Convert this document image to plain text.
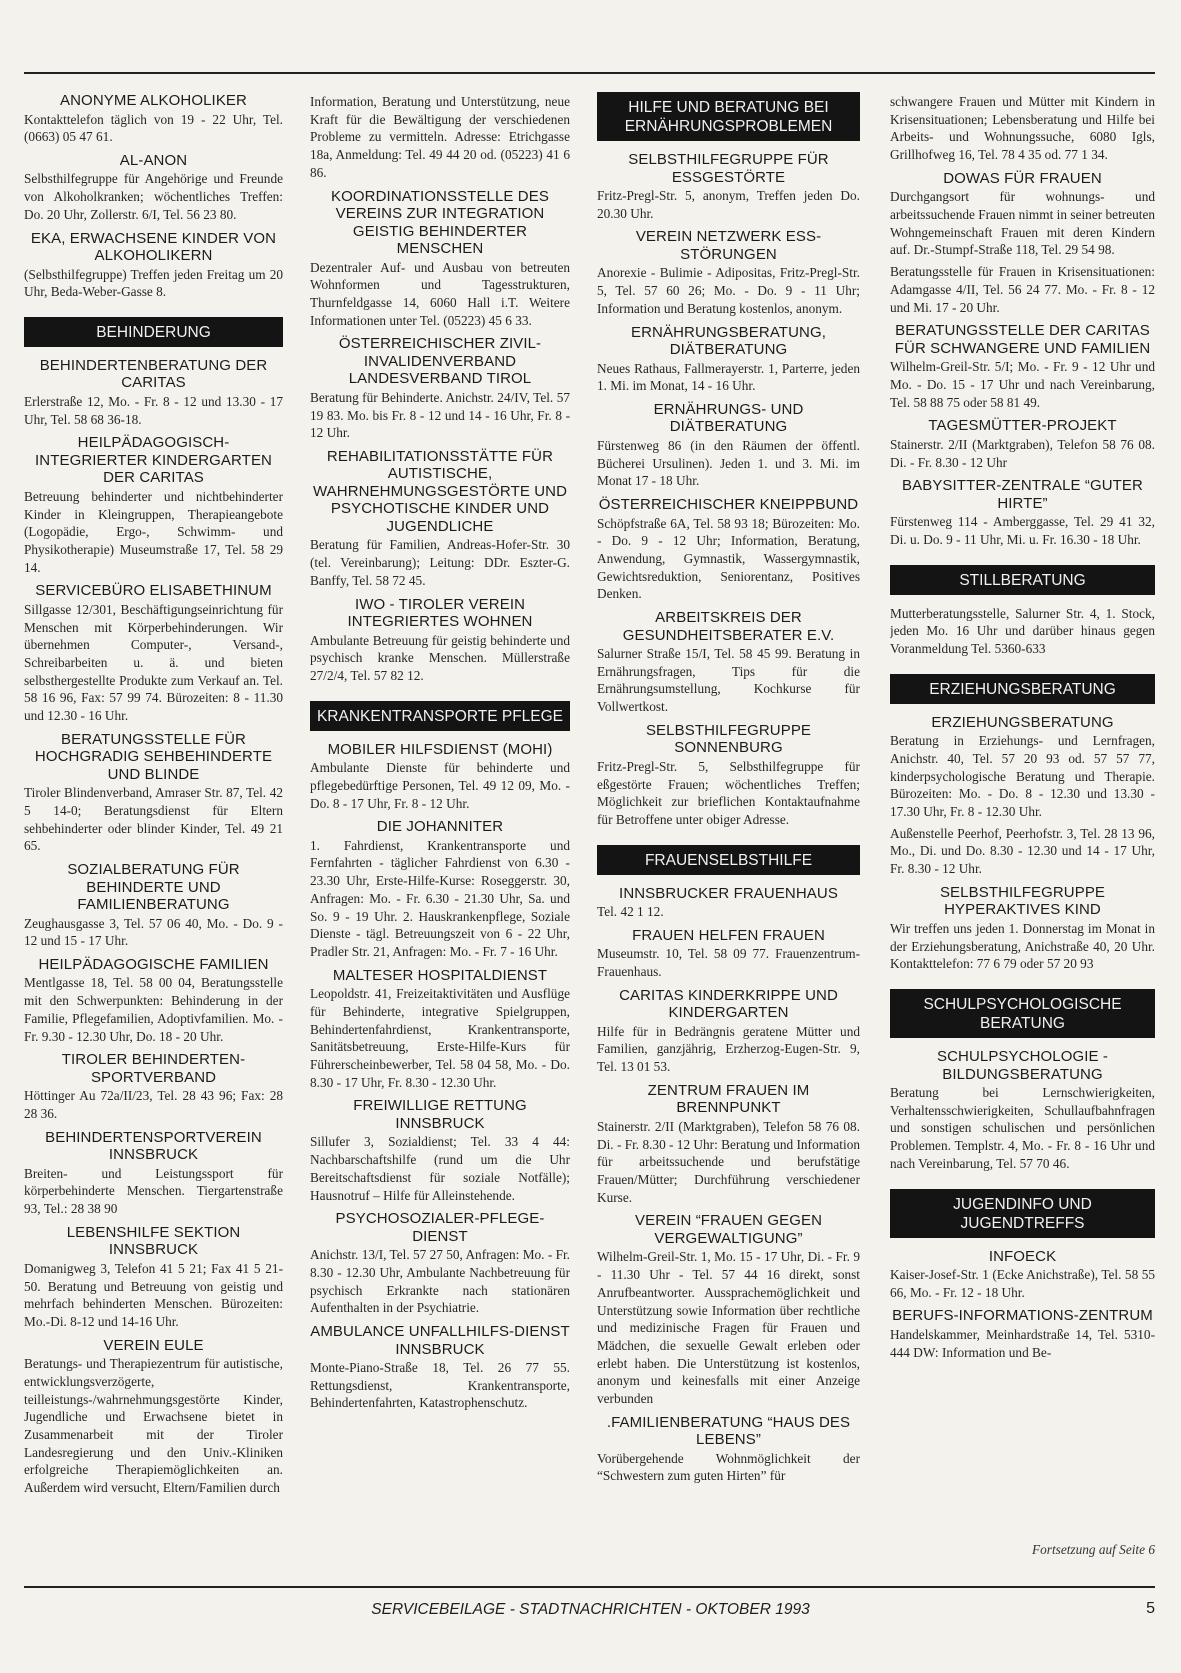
ANONYME ALKOHOLIKER
Kontakttelefon täglich von 19 - 22 Uhr, Tel. (0663) 05 47 61.
AL-ANON
Selbsthilfegruppe für Angehörige und Freunde von Alkoholkranken; wöchentliches Treffen: Do. 20 Uhr, Zollerstr. 6/I, Tel. 56 23 80.
EKA, ERWACHSENE KINDER VON ALKOHOLIKERN
(Selbsthilfegruppe) Treffen jeden Freitag um 20 Uhr, Beda-Weber-Gasse 8.
BEHINDERUNG
BEHINDERTENBERATUNG DER CARITAS
Erlerstraße 12, Mo. - Fr. 8 - 12 und 13.30 - 17 Uhr, Tel. 58 68 36-18.
HEILPÄDAGOGISCH-INTEGRIERTER KINDERGARTEN DER CARITAS
Betreuung behinderter und nichtbehinderter Kinder in Kleingruppen, Therapieangebote (Logopädie, Ergo-, Schwimm- und Physikotherapie) Museumstraße 17, Tel. 58 29 14.
SERVICEBÜRO ELISABETHINUM
Sillgasse 12/301, Beschäftigungseinrichtung für Menschen mit Körperbehinderungen. Wir übernehmen Computer-, Versand-, Schreibarbeiten u. ä. und bieten selbsthergestellte Produkte zum Verkauf an. Tel. 58 16 96, Fax: 57 99 74. Bürozeiten: 8 - 11.30 und 12.30 - 16 Uhr.
BERATUNGSSTELLE FÜR HOCHGRADIG SEHBEHINDERTE UND BLINDE
Tiroler Blindenverband, Amraser Str. 87, Tel. 42 5 14-0; Beratungsdienst für Eltern sehbehinderter oder blinder Kinder, Tel. 49 21 65.
SOZIALBERATUNG FÜR BEHINDERTE UND FAMILIENBERATUNG
Zeughausgasse 3, Tel. 57 06 40, Mo. - Do. 9 - 12 und 15 - 17 Uhr.
HEILPÄDAGOGISCHE FAMILIEN
Mentlgasse 18, Tel. 58 00 04, Beratungsstelle mit den Schwerpunkten: Behinderung in der Familie, Pflegefamilien, Adoptivfamilien. Mo. - Fr. 9.30 - 12.30 Uhr, Do. 18 - 20 Uhr.
TIROLER BEHINDERTEN-SPORTVERBAND
Höttinger Au 72a/II/23, Tel. 28 43 96; Fax: 28 28 36.
BEHINDERTENSPORTVEREIN INNSBRUCK
Breiten- und Leistungssport für körperbehinderte Menschen. Tiergartenstraße 93, Tel.: 28 38 90
LEBENSHILFE SEKTION INNSBRUCK
Domanigweg 3, Telefon 41 5 21; Fax 41 5 21-50. Beratung und Betreuung von geistig und mehrfach behinderten Menschen. Bürozeiten: Mo.-Di. 8-12 und 14-16 Uhr.
VEREIN EULE
Beratungs- und Therapiezentrum für autistische, entwicklungsverzögerte, teilleistungs-/wahrnehmungsgestörte Kinder, Jugendliche und Erwachsene bietet in Zusammenarbeit mit der Tiroler Landesregierung und den Univ.-Kliniken erfolgreiche Therapiemöglichkeiten an. Außerdem wird versucht, Eltern/Familien durch
Information, Beratung und Unterstützung, neue Kraft für die Bewältigung der verschiedenen Probleme zu vermitteln. Adresse: Etrichgasse 18a, Anmeldung: Tel. 49 44 20 od. (05223) 41 6 86.
KOORDINATIONSSTELLE DES VEREINS ZUR INTEGRATION GEISTIG BEHINDERTER MENSCHEN
Dezentraler Auf- und Ausbau von betreuten Wohnformen und Tagesstrukturen, Thurnfeldgasse 14, 6060 Hall i.T. Weitere Informationen unter Tel. (05223) 45 6 33.
ÖSTERREICHISCHER ZIVIL-INVALIDENVERBAND LANDESVERBAND TIROL
Beratung für Behinderte. Anichstr. 24/IV, Tel. 57 19 83. Mo. bis Fr. 8 - 12 und 14 - 16 Uhr, Fr. 8 - 12 Uhr.
REHABILITATIONSSTÄTTE FÜR AUTISTISCHE, WAHRNEHMUNGSGESTÖRTE UND PSYCHOTISCHE KINDER UND JUGENDLICHE
Beratung für Familien, Andreas-Hofer-Str. 30 (tel. Vereinbarung); Leitung: DDr. Eszter-G. Banffy, Tel. 58 72 45.
IWO - TIROLER VEREIN INTEGRIERTES WOHNEN
Ambulante Betreuung für geistig behinderte und psychisch kranke Menschen. Müllerstraße 27/2/4, Tel. 57 82 12.
KRANKENTRANSPORTE PFLEGE
MOBILER HILFSDIENST (MOHI)
Ambulante Dienste für behinderte und pflegebedürftige Personen, Tel. 49 12 09, Mo. - Do. 8 - 17 Uhr, Fr. 8 - 12 Uhr.
DIE JOHANNITER
1. Fahrdienst, Krankentransporte und Fernfahrten - täglicher Fahrdienst von 6.30 - 23.30 Uhr, Erste-Hilfe-Kurse: Roseggerstr. 30, Anfragen: Mo. - Fr. 6.30 - 21.30 Uhr, Sa. und So. 9 - 19 Uhr. 2. Hauskrankenpflege, Soziale Dienste - tägl. Betreuungszeit von 6 - 22 Uhr, Pradler Str. 21, Anfragen: Mo. - Fr. 7 - 16 Uhr.
MALTESER HOSPITALDIENST
Leopoldstr. 41, Freizeitaktivitäten und Ausflüge für Behinderte, integrative Spielgruppen, Behindertenfahrdienst, Krankentransporte, Sanitätsbetreuung, Erste-Hilfe-Kurs für Führerscheinbewerber, Tel. 58 04 58, Mo. - Do. 8.30 - 17 Uhr, Fr. 8.30 - 12.30 Uhr.
FREIWILLIGE RETTUNG INNSBRUCK
Sillufer 3, Sozialdienst; Tel. 33 4 44: Nachbarschaftshilfe (rund um die Uhr Bereitschaftsdienst für soziale Notfälle); Hausnotruf – Hilfe für Alleinstehende.
PSYCHOSOZIALER-PFLEGE-DIENST
Anichstr. 13/I, Tel. 57 27 50, Anfragen: Mo. - Fr. 8.30 - 12.30 Uhr, Ambulante Nachbetreuung für psychisch Erkrankte nach stationären Aufenthalten in der Psychiatrie.
AMBULANCE UNFALLHILFS-DIENST INNSBRUCK
Monte-Piano-Straße 18, Tel. 26 77 55. Rettungsdienst, Krankentransporte, Behindertenfahrten, Katastrophenschutz.
HILFE UND BERATUNG BEI ERNÄHRUNGSPROBLEMEN
SELBSTHILFEGRUPPE FÜR ESSGESTÖRTE
Fritz-Pregl-Str. 5, anonym, Treffen jeden Do. 20.30 Uhr.
VEREIN NETZWERK ESS-STÖRUNGEN
Anorexie - Bulimie - Adipositas, Fritz-Pregl-Str. 5, Tel. 57 60 26; Mo. - Do. 9 - 11 Uhr; Information und Beratung kostenlos, anonym.
ERNÄHRUNGSBERATUNG, DIÄTBERATUNG
Neues Rathaus, Fallmerayerstr. 1, Parterre, jeden 1. Mi. im Monat, 14 - 16 Uhr.
ERNÄHRUNGS- UND DIÄTBERATUNG
Fürstenweg 86 (in den Räumen der öffentl. Bücherei Ursulinen). Jeden 1. und 3. Mi. im Monat 17 - 18 Uhr.
ÖSTERREICHISCHER KNEIPPBUND
Schöpfstraße 6A, Tel. 58 93 18; Bürozeiten: Mo. - Do. 9 - 12 Uhr; Information, Beratung, Anwendung, Gymnastik, Wassergymnastik, Gewichtsreduktion, Seniorentanz, Positives Denken.
ARBEITSKREIS DER GESUNDHEITSBERATER E.V.
Salurner Straße 15/I, Tel. 58 45 99. Beratung in Ernährungsfragen, Tips für die Ernährungsumstellung, Kochkurse für Vollwertkost.
SELBSTHILFEGRUPPE SONNENBURG
Fritz-Pregl-Str. 5, Selbsthilfegruppe für eßgestörte Frauen; wöchentliches Treffen; Möglichkeit zur brieflichen Kontaktaufnahme für Betroffene unter obiger Adresse.
FRAUENSELBSTHILFE
INNSBRUCKER FRAUENHAUS
Tel. 42 1 12.
FRAUEN HELFEN FRAUEN
Museumstr. 10, Tel. 58 09 77. Frauenzentrum-Frauenhaus.
CARITAS KINDERKRIPPE UND KINDERGARTEN
Hilfe für in Bedrängnis geratene Mütter und Familien, ganzjährig, Erzherzog-Eugen-Str. 9, Tel. 13 01 53.
ZENTRUM FRAUEN IM BRENNPUNKT
Stainerstr. 2/II (Marktgraben), Telefon 58 76 08. Di. - Fr. 8.30 - 12 Uhr: Beratung und Information für arbeitssuchende und berufstätige Frauen/Mütter; Durchführung verschiedener Kurse.
VEREIN “FRAUEN GEGEN VERGEWALTIGUNG”
Wilhelm-Greil-Str. 1, Mo. 15 - 17 Uhr, Di. - Fr. 9 - 11.30 Uhr - Tel. 57 44 16 direkt, sonst Anrufbeantworter. Aussprachemöglichkeit und Unterstützung sowie Information über rechtliche und medizinische Fragen für Frauen und Mädchen, die sexuelle Gewalt erleben oder erlebt haben. Die Unterstützung ist kostenlos, anonym und keinesfalls mit einer Anzeige verbunden
.FAMILIENBERATUNG “HAUS DES LEBENS”
Vorübergehende Wohnmöglichkeit der “Schwestern zum guten Hirten” für
schwangere Frauen und Mütter mit Kindern in Krisensituationen; Lebensberatung und Hilfe bei Arbeits- und Wohnungssuche, 6080 Igls, Grillhofweg 16, Tel. 78 4 35 od. 77 1 34.
DOWAS FÜR FRAUEN
Durchgangsort für wohnungs- und arbeitssuchende Frauen nimmt in seiner betreuten Wohngemeinschaft Frauen mit deren Kindern auf. Dr.-Stumpf-Straße 118, Tel. 29 54 98.
Beratungsstelle für Frauen in Krisensituationen: Adamgasse 4/II, Tel. 56 24 77. Mo. - Fr. 8 - 12 und Mi. 17 - 20 Uhr.
BERATUNGSSTELLE DER CARITAS FÜR SCHWANGERE UND FAMILIEN
Wilhelm-Greil-Str. 5/I; Mo. - Fr. 9 - 12 Uhr und Mo. - Do. 15 - 17 Uhr und nach Vereinbarung, Tel. 58 88 75 oder 58 81 49.
TAGESMÜTTER-PROJEKT
Stainerstr. 2/II (Marktgraben), Telefon 58 76 08. Di. - Fr. 8.30 - 12 Uhr
BABYSITTER-ZENTRALE “GUTER HIRTE”
Fürstenweg 114 - Amberggasse, Tel. 29 41 32, Di. u. Do. 9 - 11 Uhr, Mi. u. Fr. 16.30 - 18 Uhr.
STILLBERATUNG
Mutterberatungsstelle, Salurner Str. 4, 1. Stock, jeden Mo. 16 Uhr und darüber hinaus gegen Voranmeldung Tel. 5360-633
ERZIEHUNGSBERATUNG
ERZIEHUNGSBERATUNG
Beratung in Erziehungs- und Lernfragen, Anichstr. 40, Tel. 57 20 93 od. 57 57 77, kinderpsychologische Beratung und Therapie. Bürozeiten: Mo. - Do. 8 - 12.30 und 13.30 - 17.30 Uhr, Fr. 8 - 12.30 Uhr.
Außenstelle Peerhof, Peerhofstr. 3, Tel. 28 13 96, Mo., Di. und Do. 8.30 - 12.30 und 14 - 17 Uhr, Fr. 8.30 - 12 Uhr.
SELBSTHILFEGRUPPE HYPERAKTIVES KIND
Wir treffen uns jeden 1. Donnerstag im Monat in der Erziehungsberatung, Anichstraße 40, 20 Uhr. Kontakttelefon: 77 6 79 oder 57 20 93
SCHULPSYCHOLOGISCHE BERATUNG
SCHULPSYCHOLOGIE - BILDUNGSBERATUNG
Beratung bei Lernschwierigkeiten, Verhaltensschwierigkeiten, Schullaufbahnfragen und sonstigen schulischen und persönlichen Problemen. Templstr. 4, Mo. - Fr. 8 - 16 Uhr und nach Vereinbarung, Tel. 57 70 46.
JUGENDINFO UND JUGENDTREFFS
INFOECK
Kaiser-Josef-Str. 1 (Ecke Anichstraße), Tel. 58 55 66, Mo. - Fr. 12 - 18 Uhr.
BERUFS-INFORMATIONS-ZENTRUM
Handelskammer, Meinhardstraße 14, Tel. 5310-444 DW: Information und Be-
Fortsetzung auf Seite 6
SERVICEBEILAGE - STADTNACHRICHTEN - OKTOBER 1993	5
